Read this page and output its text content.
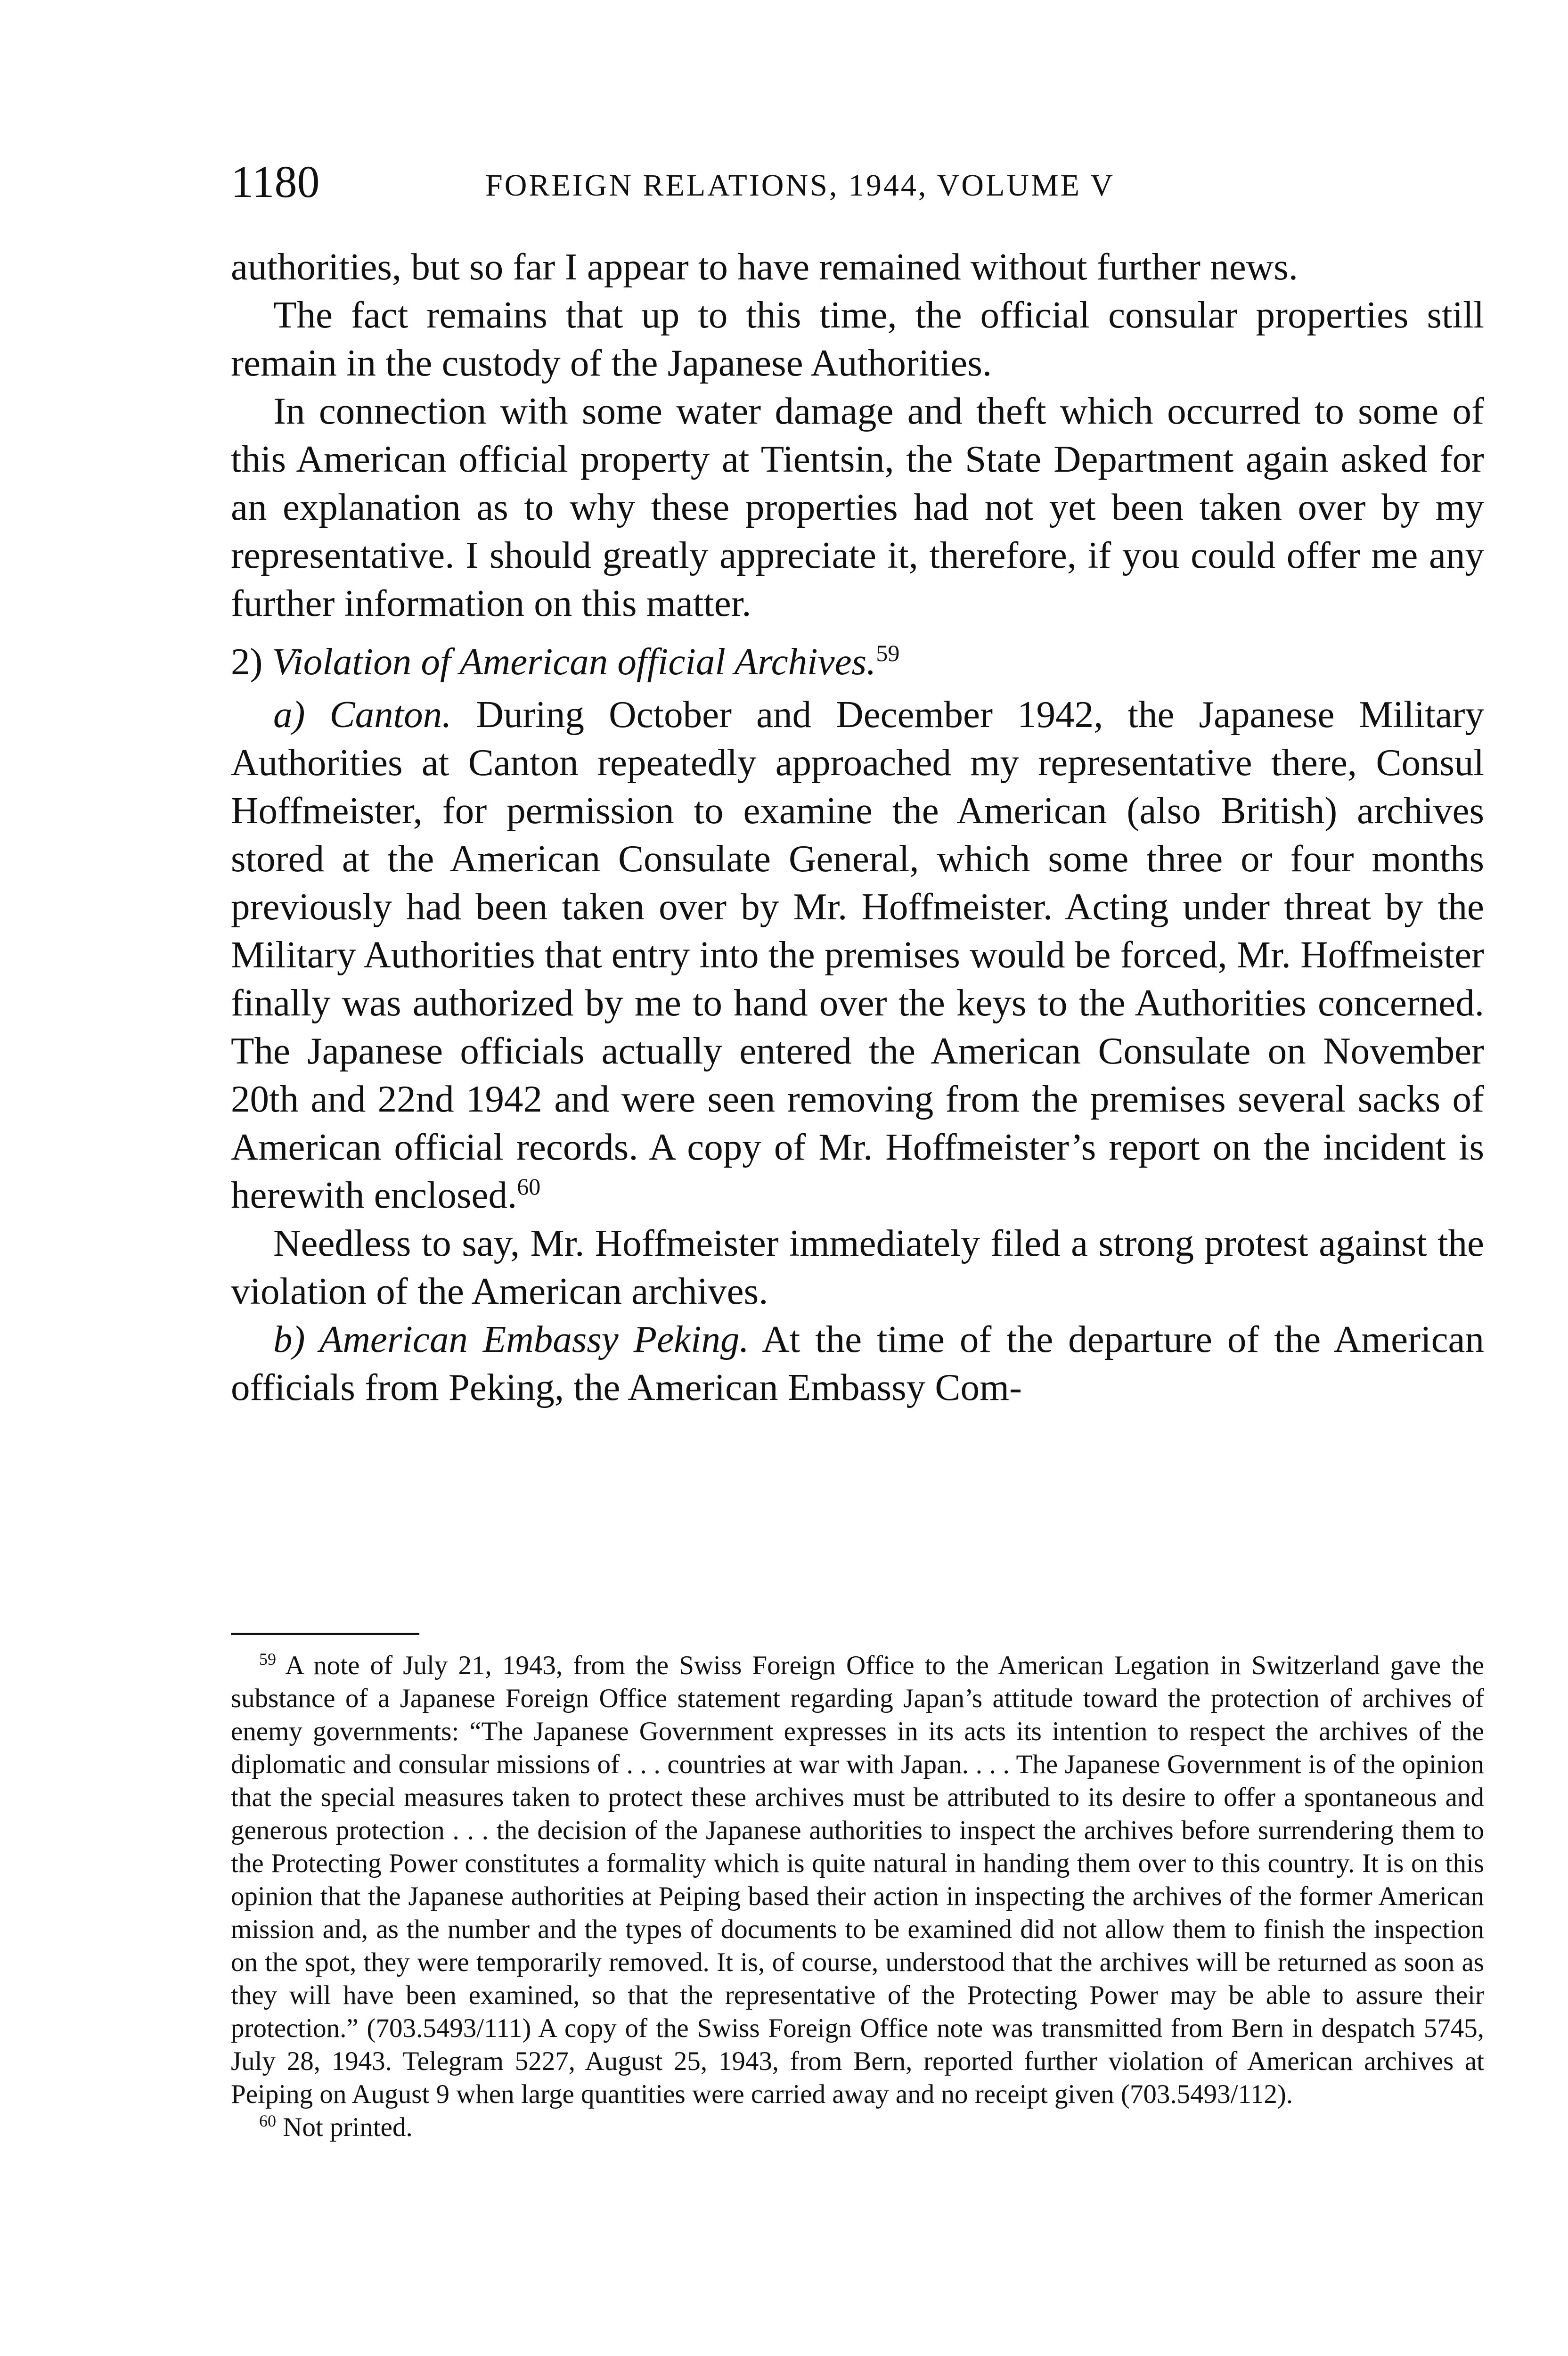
1180	FOREIGN RELATIONS, 1944, VOLUME V

authorities, but so far I appear to have remained without further news.

The fact remains that up to this time, the official consular properties still remain in the custody of the Japanese Authorities.

In connection with some water damage and theft which occurred to some of this American official property at Tientsin, the State Department again asked for an explanation as to why these properties had not yet been taken over by my representative. I should greatly appreciate it, therefore, if you could offer me any further information on this matter.

2) Violation of American official Archives.$^{59}$

a) Canton. During October and December 1942, the Japanese Military Authorities at Canton repeatedly approached my representative there, Consul Hoffmeister, for permission to examine the American (also British) archives stored at the American Consulate General, which some three or four months previously had been taken over by Mr. Hoffmeister. Acting under threat by the Military Authorities that entry into the premises would be forced, Mr. Hoffmeister finally was authorized by me to hand over the keys to the Authorities concerned. The Japanese officials actually entered the American Consulate on November 20th and 22nd 1942 and were seen removing from the premises several sacks of American official records. A copy of Mr. Hoffmeister’s report on the incident is herewith enclosed.$^{60}$

Needless to say, Mr. Hoffmeister immediately filed a strong protest against the violation of the American archives.

b) American Embassy Peking. At the time of the departure of the American officials from Peking, the American Embassy Com-

$^{59}$ A note of July 21, 1943, from the Swiss Foreign Office to the American Legation in Switzerland gave the substance of a Japanese Foreign Office statement regarding Japan’s attitude toward the protection of archives of enemy governments: “The Japanese Government expresses in its acts its intention to respect the archives of the diplomatic and consular missions of . . . countries at war with Japan. . . . The Japanese Government is of the opinion that the special measures taken to protect these archives must be attributed to its desire to offer a spontaneous and generous protection . . . the decision of the Japanese authorities to inspect the archives before surrendering them to the Protecting Power constitutes a formality which is quite natural in handing them over to this country. It is on this opinion that the Japanese authorities at Peiping based their action in inspecting the archives of the former American mission and, as the number and the types of documents to be examined did not allow them to finish the inspection on the spot, they were temporarily removed. It is, of course, understood that the archives will be returned as soon as they will have been examined, so that the representative of the Protecting Power may be able to assure their protection.” (703.5493/111) A copy of the Swiss Foreign Office note was transmitted from Bern in despatch 5745, July 28, 1943. Telegram 5227, August 25, 1943, from Bern, reported further violation of American archives at Peiping on August 9 when large quantities were carried away and no receipt given (703.5493/112).

$^{60}$ Not printed.
